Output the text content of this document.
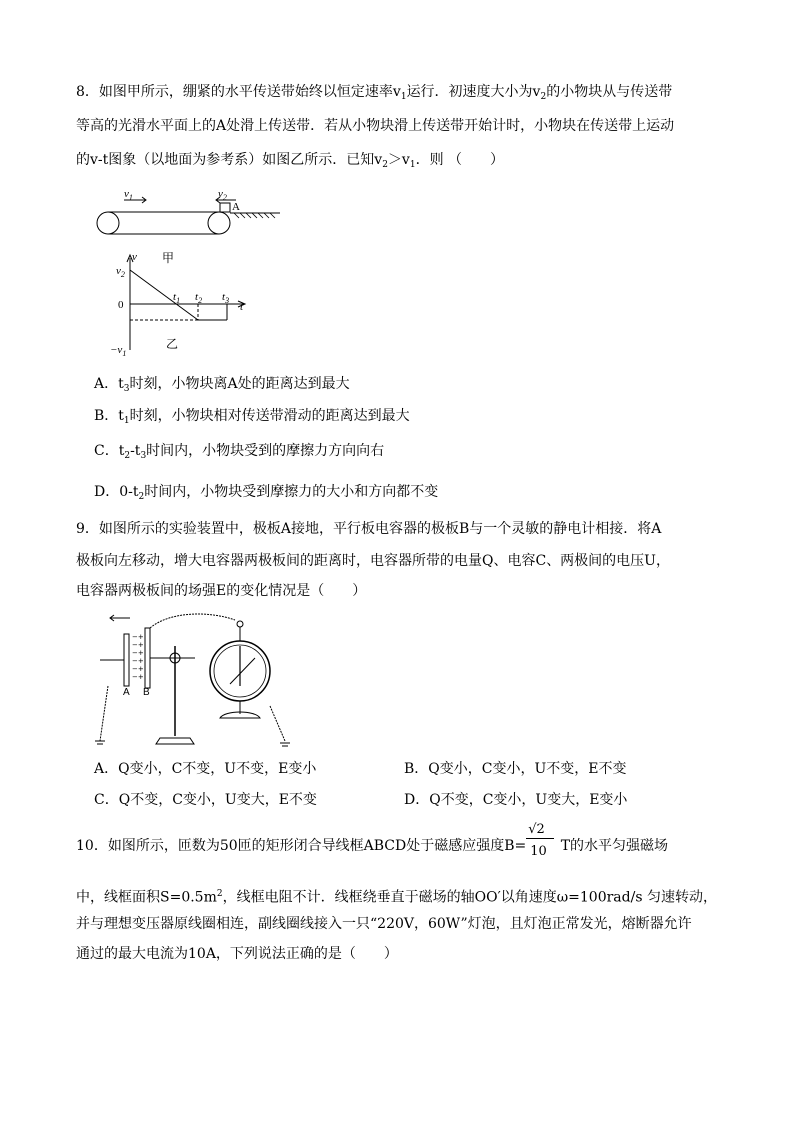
8．如图甲所示，绷紧的水平传送带始终以恒定速率$v_1$运行．初速度大小为$v_2$的小物块从与传送带
等高的光滑水平面上的A处滑上传送带．若从小物块滑上传送带开始计时，小物块在传送带上运动
的v-t图象（以地面为参考系）如图乙所示．已知$v_2>v_1$．则 （　　）
$v_1$	$v_2$
A
v 甲
$v_2$
0
$-v_1$
$t_1$ $t_2$ $t_3$
t
乙
A．$t_3$时刻，小物块离A处的距离达到最大
B．$t_1$时刻，小物块相对传送带滑动的距离达到最大
C．$t_2-t_3$时间内，小物块受到的摩擦力方向向右
D．$0-t_2$时间内，小物块受到摩擦力的大小和方向都不变
9．如图所示的实验装置中，极板A接地，平行板电容器的极板B与一个灵敏的静电计相接．将A
极板向左移动，增大电容器两极板间的距离时，电容器所带的电量Q、电容C、两极间的电压U，
电容器两极板间的场强E的变化情况是（　　）
−+
−+
−+
−+
−+
−+
A B
A．Q变小，C不变，U不变，E变小	B．Q变小，C变小，U不变，E不变
C．Q不变，C变小，U变大，E不变	D．Q不变，C变小，U变大，E变小
10．如图所示，匝数为50匝的矩形闭合导线框ABCD处于磁感应强度$B= \frac{√2}{10}$ T的水平匀强磁场
中，线框面积$S=0.5m^2$，线框电阻不计．线框绕垂直于磁场的轴OO′以角速度ω=100rad/s 匀速转动，
并与理想变压器原线圈相连，副线圈线接入一只“220V，60W”灯泡，且灯泡正常发光，熔断器允许
通过的最大电流为10A，下列说法正确的是（　　）
